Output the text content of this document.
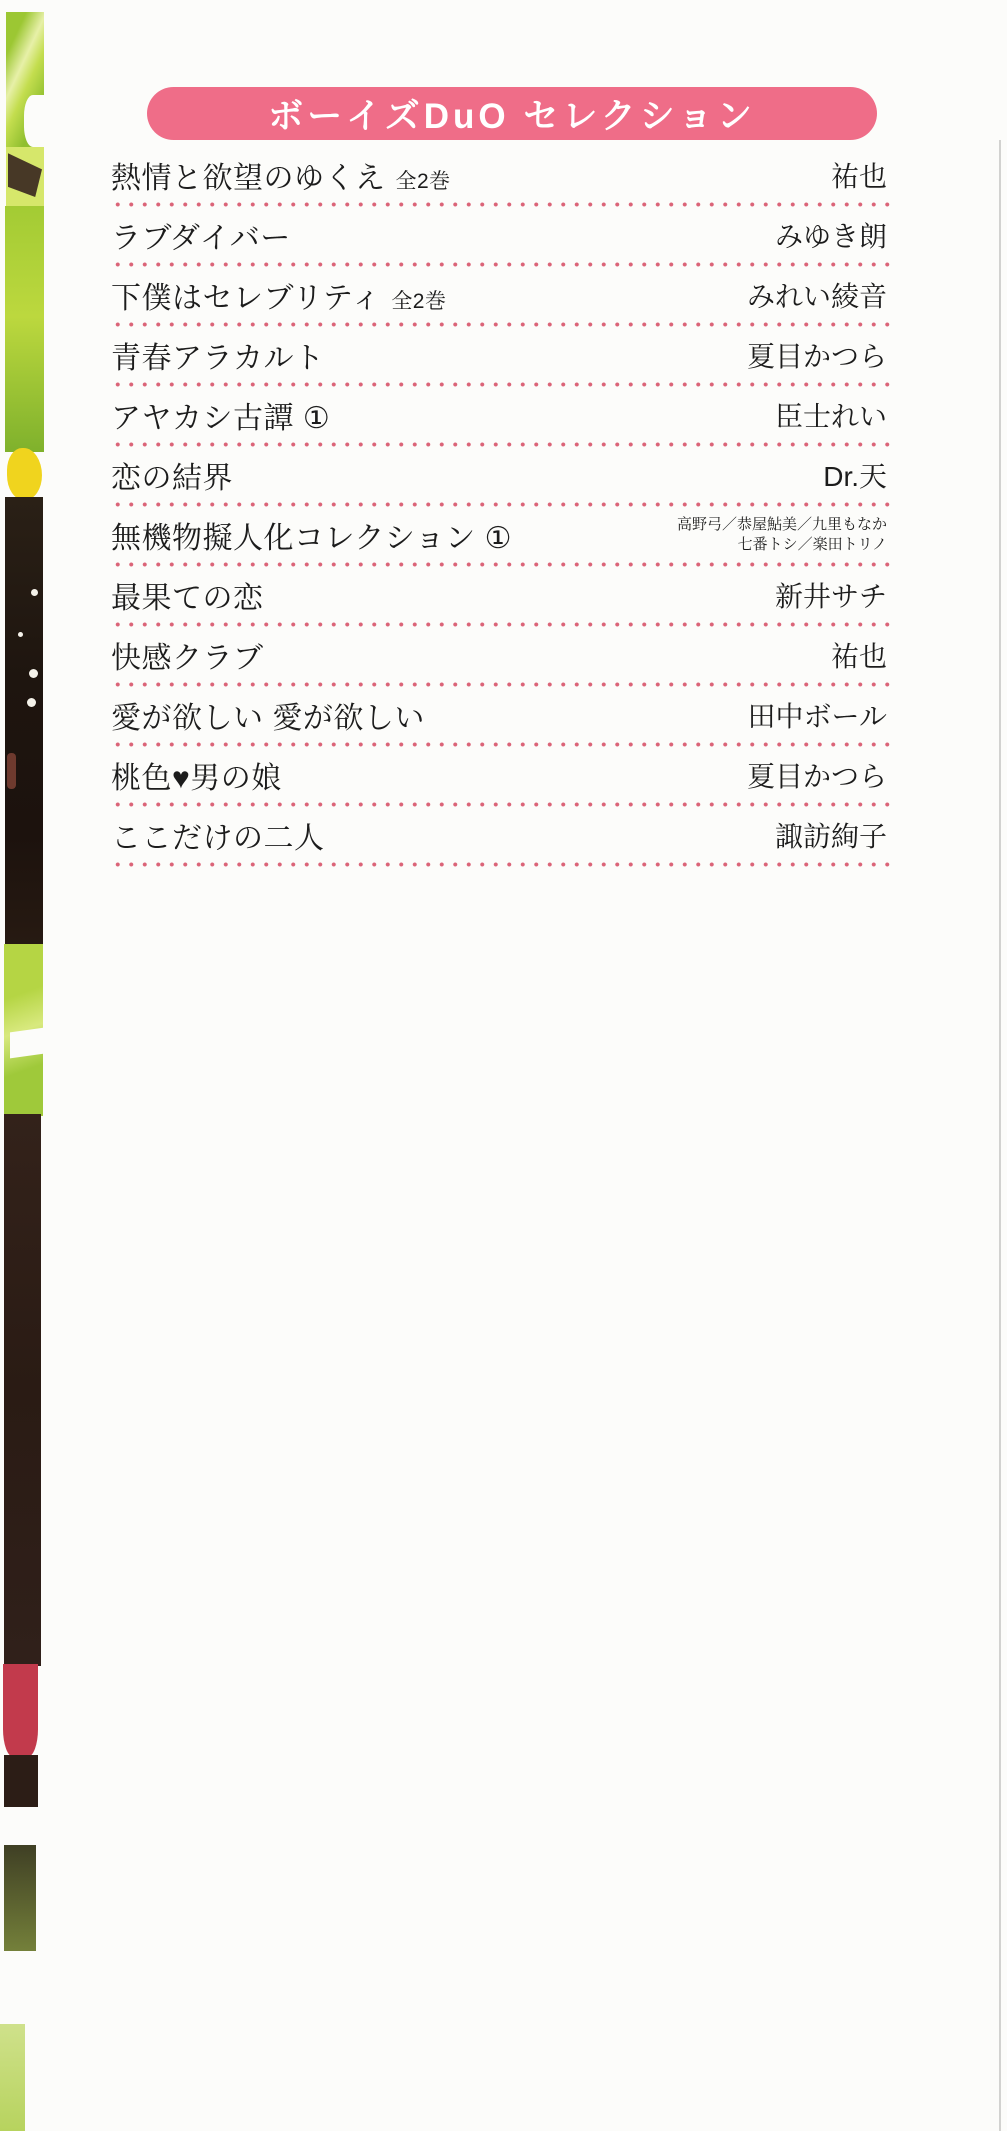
ボーイズDuO セレクション
熱情と欲望のゆくえ 全2巻	祐也
ラブダイバー	みゆき朗
下僕はセレブリティ 全2巻	みれい綾音
青春アラカルト	夏目かつら
アヤカシ古譚 ①	臣士れい
恋の結界	Dr.天
無機物擬人化コレクション ①	高野弓／恭屋鮎美／九里もなか
七番トシ／楽田トリノ
最果ての恋	新井サチ
快感クラブ	祐也
愛が欲しい 愛が欲しい	田中ボール
桃色♥男の娘	夏目かつら
ここだけの二人	諏訪絢子
